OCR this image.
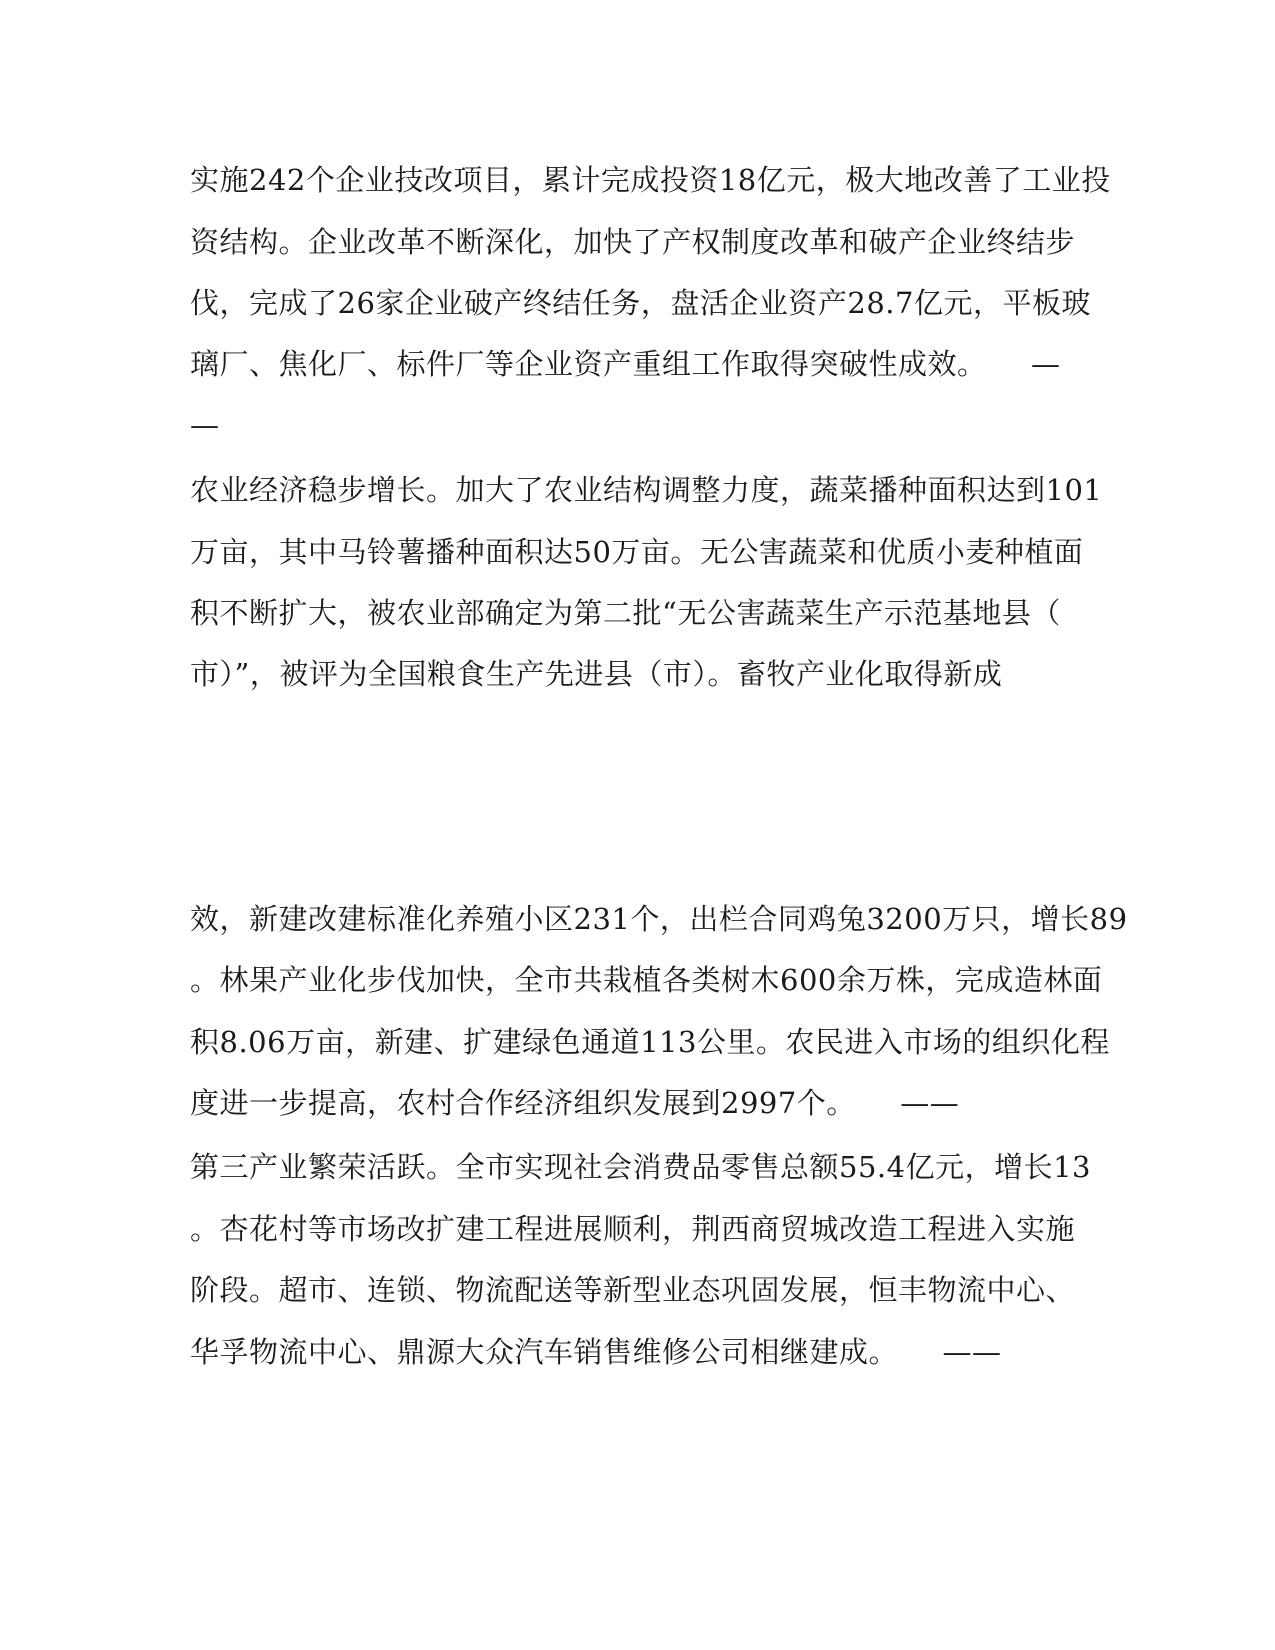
实施242个企业技改项目，累计完成投资18亿元，极大地改善了工业投
资结构。企业改革不断深化，加快了产权制度改革和破产企业终结步
伐，完成了26家企业破产终结任务，盘活企业资产28.7亿元，平板玻
璃厂、焦化厂、标件厂等企业资产重组工作取得突破性成效。　　—
—
农业经济稳步增长。加大了农业结构调整力度，蔬菜播种面积达到101
万亩，其中马铃薯播种面积达50万亩。无公害蔬菜和优质小麦种植面
积不断扩大，被农业部确定为第二批“无公害蔬菜生产示范基地县（
市）”，被评为全国粮食生产先进县（市）。畜牧产业化取得新成
效，新建改建标准化养殖小区231个，出栏合同鸡兔3200万只，增长89
。林果产业化步伐加快，全市共栽植各类树木600余万株，完成造林面
积8.06万亩，新建、扩建绿色通道113公里。农民进入市场的组织化程
度进一步提高，农村合作经济组织发展到2997个。　　——
第三产业繁荣活跃。全市实现社会消费品零售总额55.4亿元，增长13
。杏花村等市场改扩建工程进展顺利，荆西商贸城改造工程进入实施
阶段。超市、连锁、物流配送等新型业态巩固发展，恒丰物流中心、
华孚物流中心、鼎源大众汽车销售维修公司相继建成。　　——
